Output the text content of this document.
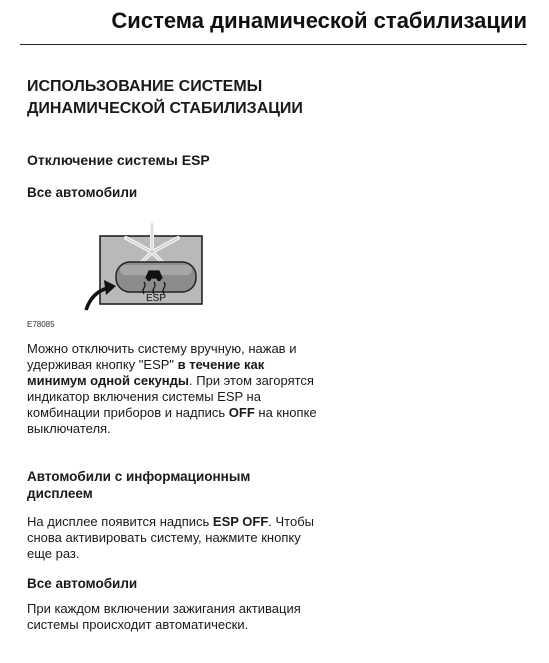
Система динамической стабилизации
ИСПОЛЬЗОВАНИЕ СИСТЕМЫ ДИНАМИЧЕСКОЙ СТАБИЛИЗАЦИИ
Отключение системы ESP
Все автомобили
ESP
E78085
Можно отключить систему вручную, нажав и удерживая кнопку "ESP" в течение как минимум одной секунды. При этом загорятся индикатор включения системы ESP на комбинации приборов и надпись OFF на кнопке выключателя.
Автомобили с информационным дисплеем
На дисплее появится надпись ESP OFF. Чтобы снова активировать систему, нажмите кнопку еще раз.
Все автомобили
При каждом включении зажигания активация системы происходит автоматически.
